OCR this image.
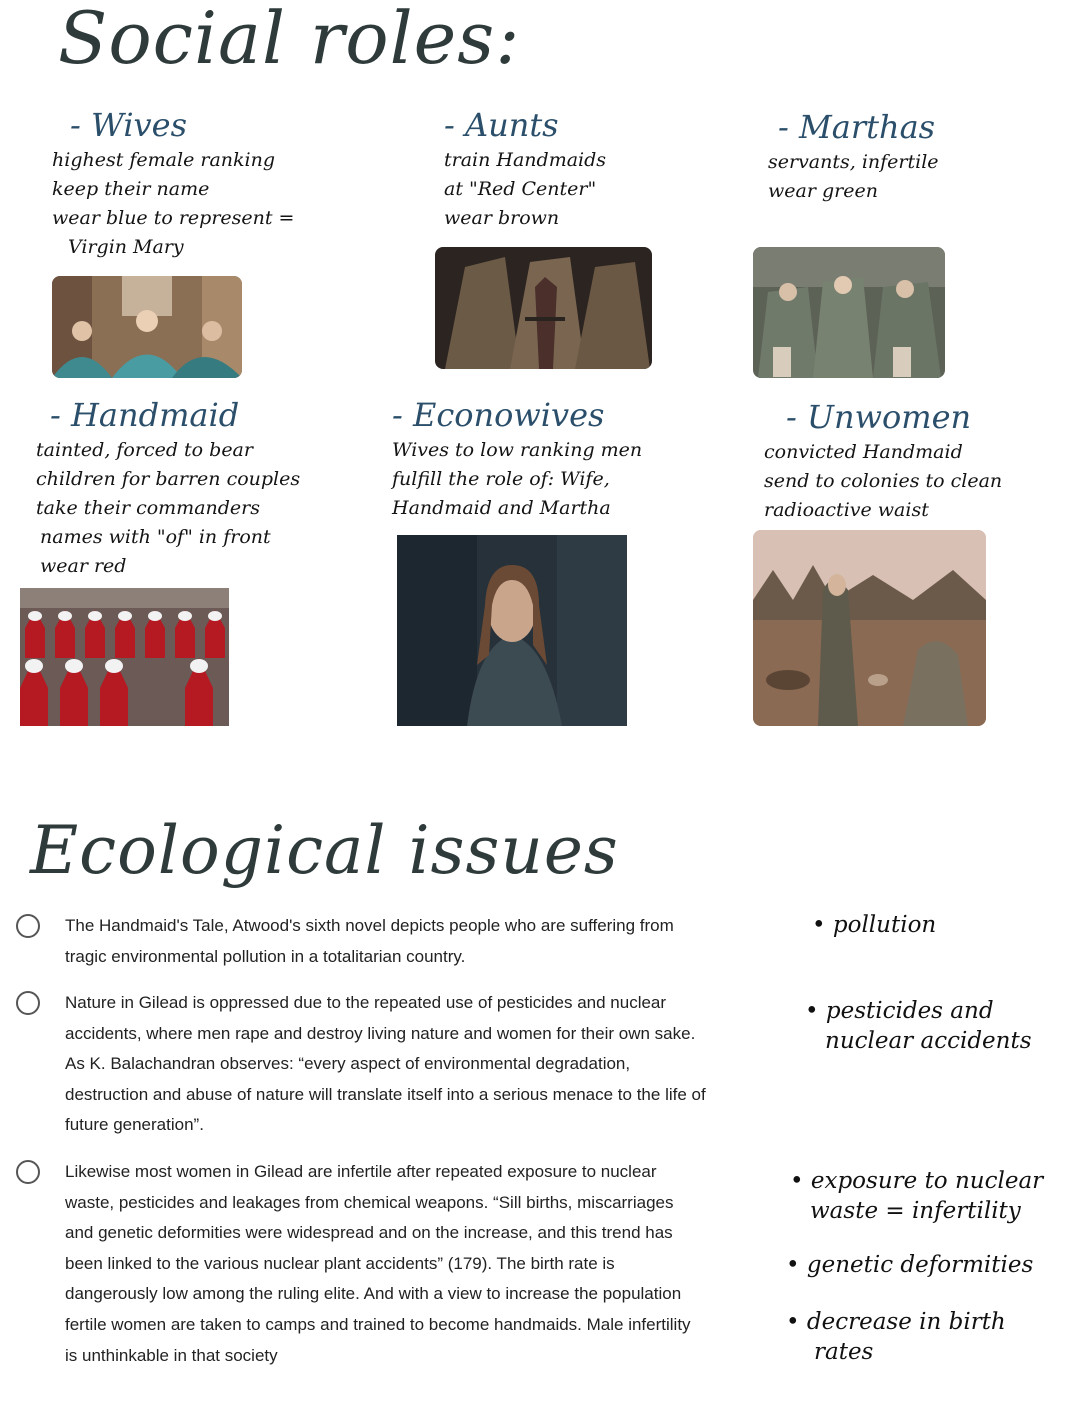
Social roles:
- Wives
highest female ranking
keep their name
wear blue to represent =
Virgin Mary
- Aunts
train Handmaids
at "Red Center"
wear brown
- Marthas
servants, infertile
wear green
- Handmaid
tainted, forced to bear
children for barren couples
take their commanders
names with "of" in front
wear red
- Econowives
Wives to low ranking men
fulfill the role of: Wife,
Handmaid and Martha
- Unwomen
convicted Handmaid
send to colonies to clean
radioactive waist
Ecological issues
The Handmaid's Tale, Atwood's sixth novel depicts people who are suffering from tragic environmental pollution in a totalitarian country.
Nature in Gilead is oppressed due to the repeated use of pesticides and nuclear accidents, where men rape and destroy living nature and women for their own sake. As K. Balachandran observes: “every aspect of environmental degradation, destruction and abuse of nature will translate itself into a serious menace to the life of future generation”.
Likewise most women in Gilead are infertile after repeated exposure to nuclear waste, pesticides and leakages from chemical weapons. “Sill births, miscarriages and genetic deformities were widespread and on the increase, and this trend has been linked to the various nuclear plant accidents” (179). The birth rate is dangerously low among the ruling elite. And with a view to increase the population fertile women are taken to camps and trained to become handmaids. Male infertility is unthinkable in that society
• pollution
• pesticides and
nuclear accidents
• exposure to nuclear
waste = infertility
• genetic deformities
• decrease in birth
rates
